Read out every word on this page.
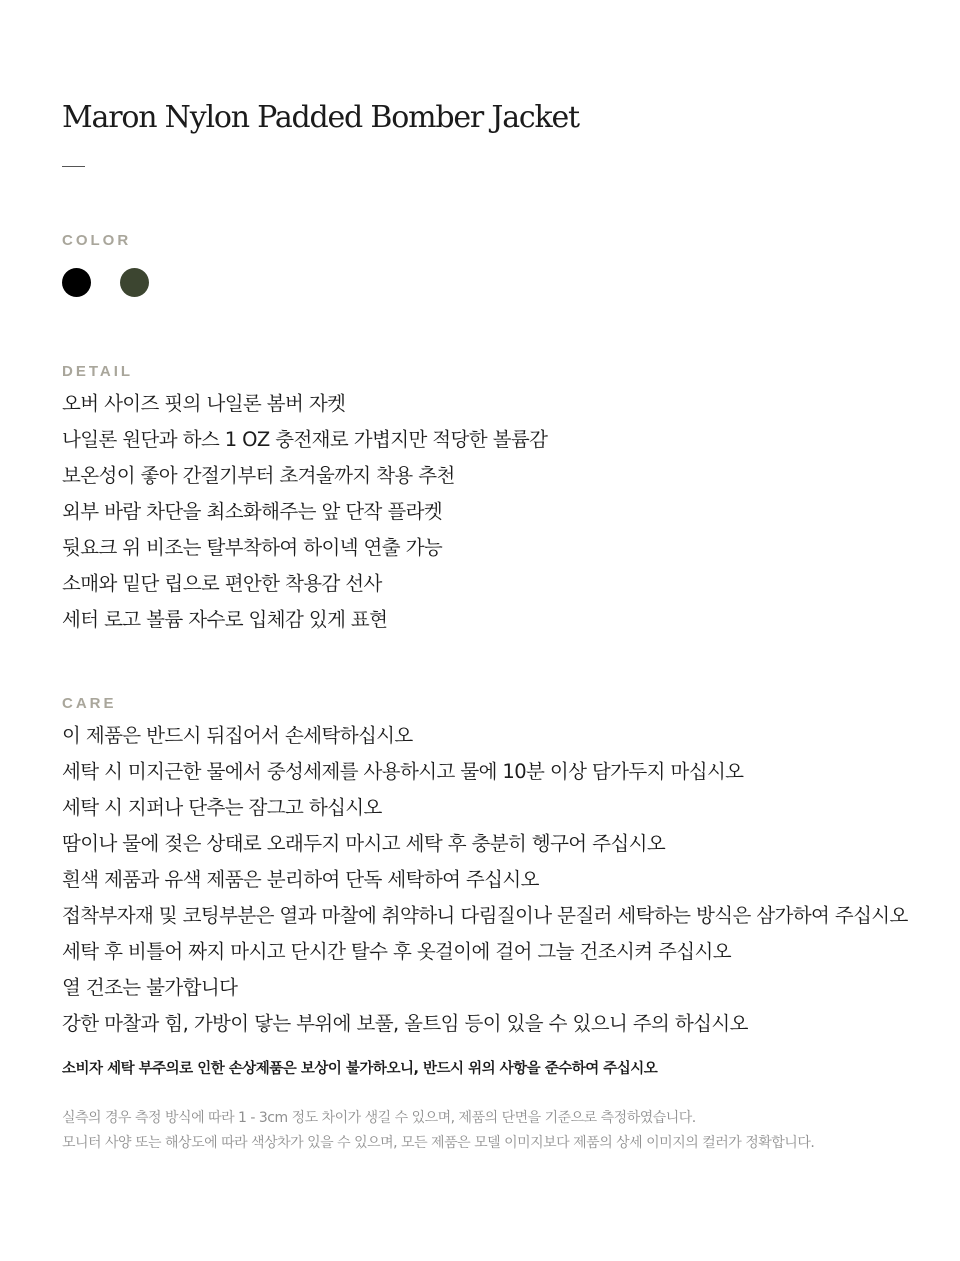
Maron Nylon Padded Bomber Jacket
COLOR
DETAIL
오버 사이즈 핏의 나일론 봄버 자켓
나일론 원단과 하스 1 OZ 충전재로 가볍지만 적당한 볼륨감
보온성이 좋아 간절기부터 초겨울까지 착용 추천
외부 바람 차단을 최소화해주는 앞 단작 플라켓
뒷요크 위 비조는 탈부착하여 하이넥 연출 가능
소매와 밑단 립으로 편안한 착용감 선사
세터 로고 볼륨 자수로 입체감 있게 표현
CARE
이 제품은 반드시 뒤집어서 손세탁하십시오
세탁 시 미지근한 물에서 중성세제를 사용하시고 물에 10분 이상 담가두지 마십시오
세탁 시 지퍼나 단추는 잠그고 하십시오
땀이나 물에 젖은 상태로 오래두지 마시고 세탁 후 충분히 헹구어 주십시오
흰색 제품과 유색 제품은 분리하여 단독 세탁하여 주십시오
접착부자재 및 코팅부분은 열과 마찰에 취약하니 다림질이나 문질러 세탁하는 방식은 삼가하여 주십시오
세탁 후 비틀어 짜지 마시고 단시간 탈수 후 옷걸이에 걸어 그늘 건조시켜 주십시오
열 건조는 불가합니다
강한 마찰과 힘, 가방이 닿는 부위에 보풀, 올트임 등이 있을 수 있으니 주의 하십시오

소비자 세탁 부주의로 인한 손상제품은 보상이 불가하오니, 반드시 위의 사항을 준수하여 주십시오

실측의 경우 측정 방식에 따라 1 - 3cm 정도 차이가 생길 수 있으며, 제품의 단면을 기준으로 측정하였습니다.
모니터 사양 또는 해상도에 따라 색상차가 있을 수 있으며, 모든 제품은 모델 이미지보다 제품의 상세 이미지의 컬러가 정확합니다.
